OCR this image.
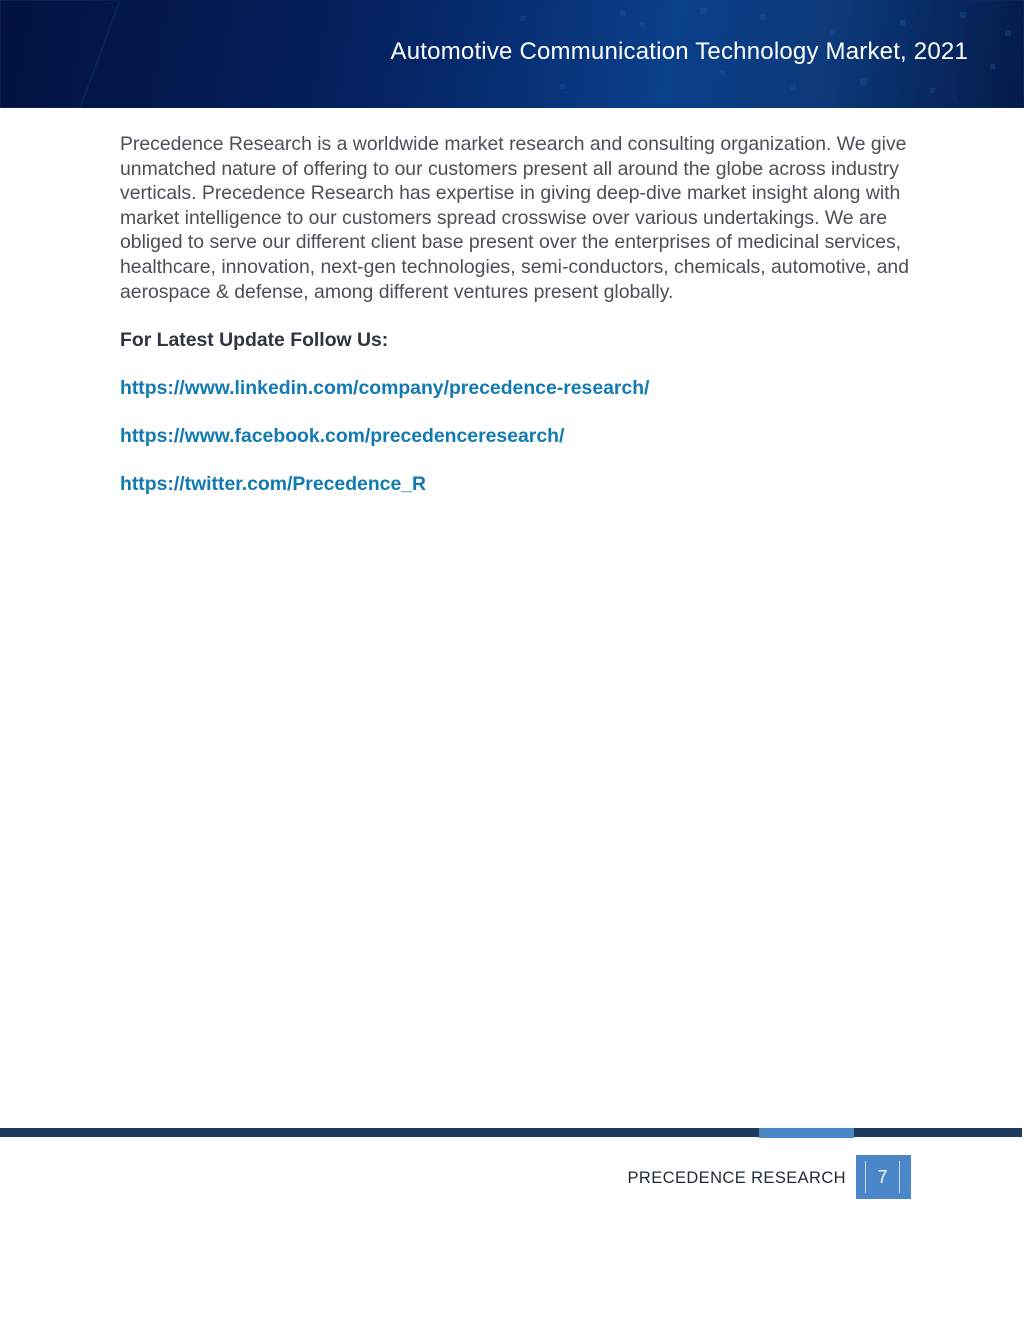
Automotive Communication Technology Market, 2021

Precedence Research is a worldwide market research and consulting organization. We give unmatched nature of offering to our customers present all around the globe across industry verticals. Precedence Research has expertise in giving deep-dive market insight along with market intelligence to our customers spread crosswise over various undertakings. We are obliged to serve our different client base present over the enterprises of medicinal services, healthcare, innovation, next-gen technologies, semi-conductors, chemicals, automotive, and aerospace & defense, among different ventures present globally.

For Latest Update Follow Us:
https://www.linkedin.com/company/precedence-research/
https://www.facebook.com/precedenceresearch/
https://twitter.com/Precedence_R
PRECEDENCE RESEARCH	7
